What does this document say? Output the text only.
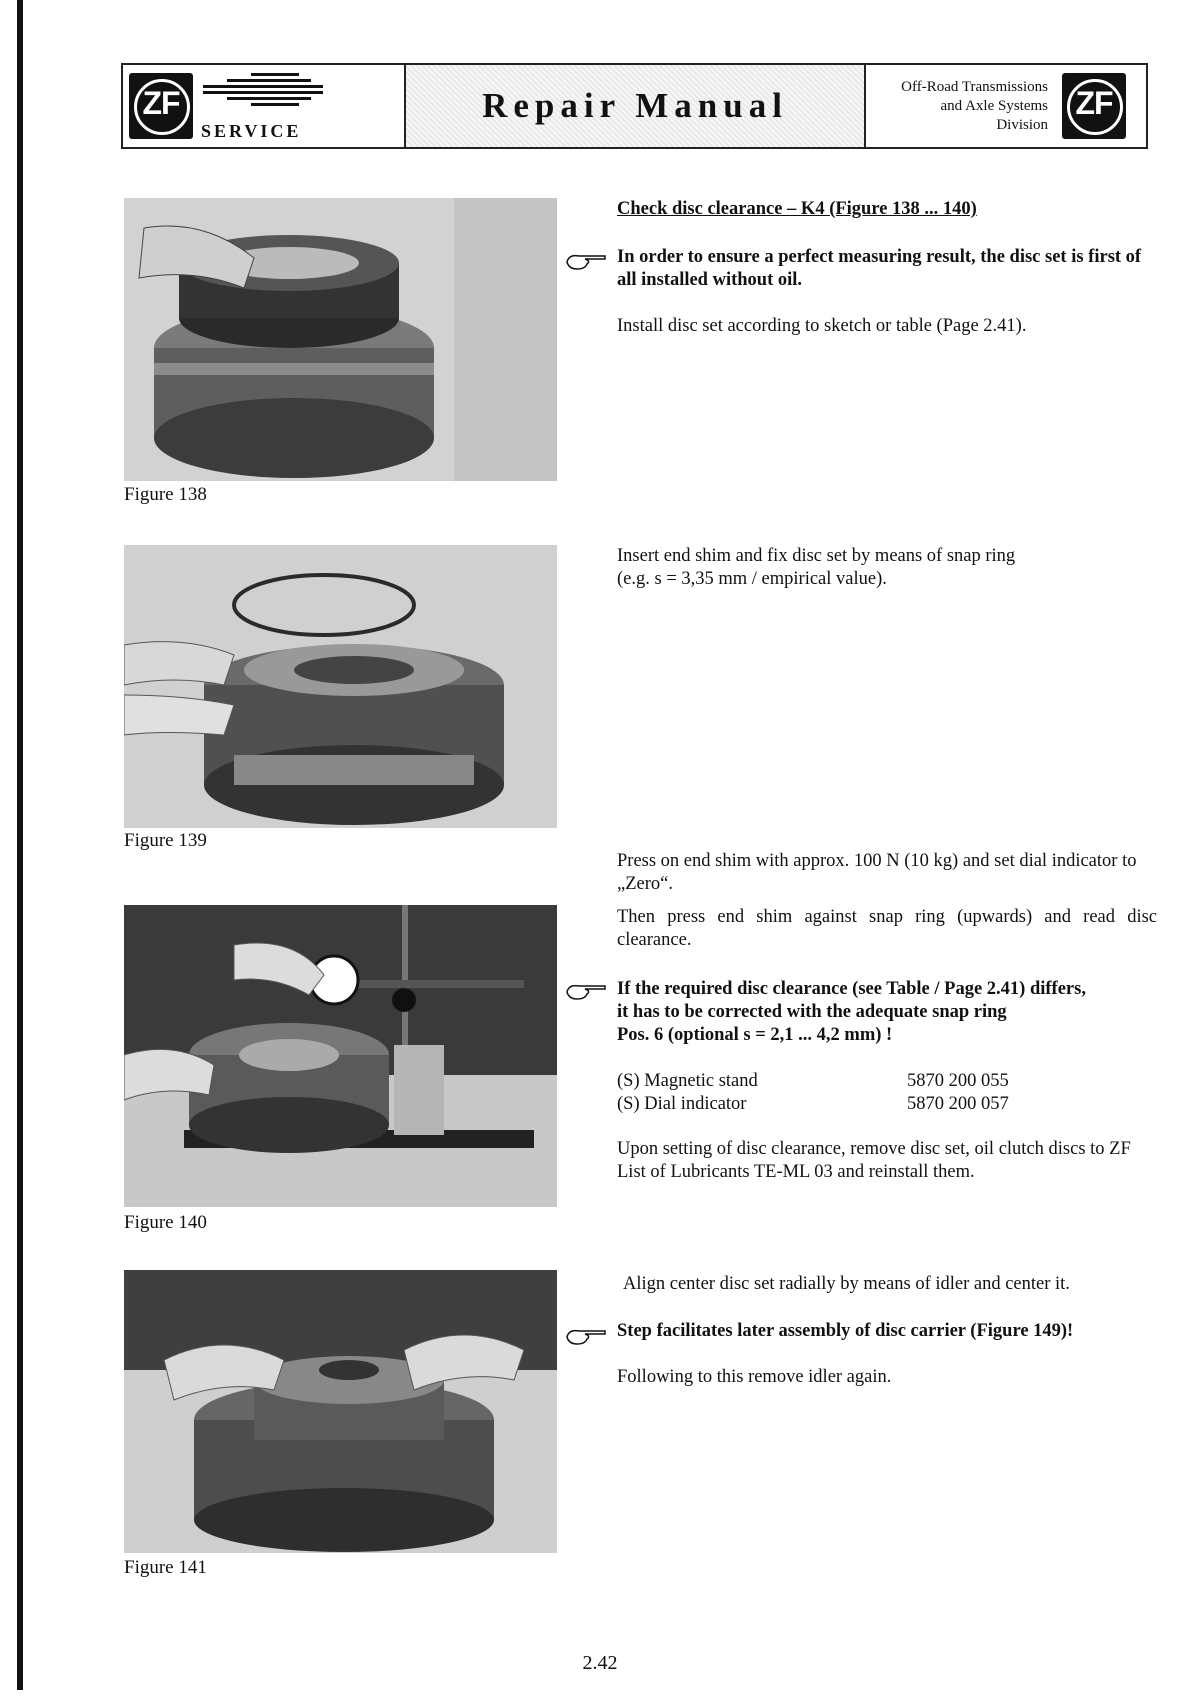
ZF
SERVICE
Repair Manual	Off-Road Transmissions
and Axle Systems
Division
ZF
Figure 138

Check disc clearance – K4 (Figure 138 ... 140)

In order to ensure a perfect measuring result, the disc set is first of all installed without oil.
Install disc set according to sketch or table (Page 2.41).
Figure 139

Insert end shim and fix disc set by means of snap ring

(e.g. s = 3,35 mm / empirical value).

Figure 140

Press on end shim with approx. 100 N (10 kg) and set dial indicator to „Zero“.

Then press end shim against snap ring (upwards) and read disc clearance.

If the required disc clearance (see Table / Page 2.41) differs,

it has to be corrected with the adequate snap ring

Pos. 6 (optional s = 2,1 ... 4,2 mm) !

(S) Magnetic stand	5870 200 055
(S) Dial indicator	5870 200 057
Upon setting of disc clearance, remove disc set, oil clutch discs to ZF List of Lubricants TE-ML 03 and reinstall them.
Figure 141
Align center disc set radially by means of idler and center it.
Step facilitates later assembly of disc carrier (Figure 149)!
Following to this remove idler again.
2.42
